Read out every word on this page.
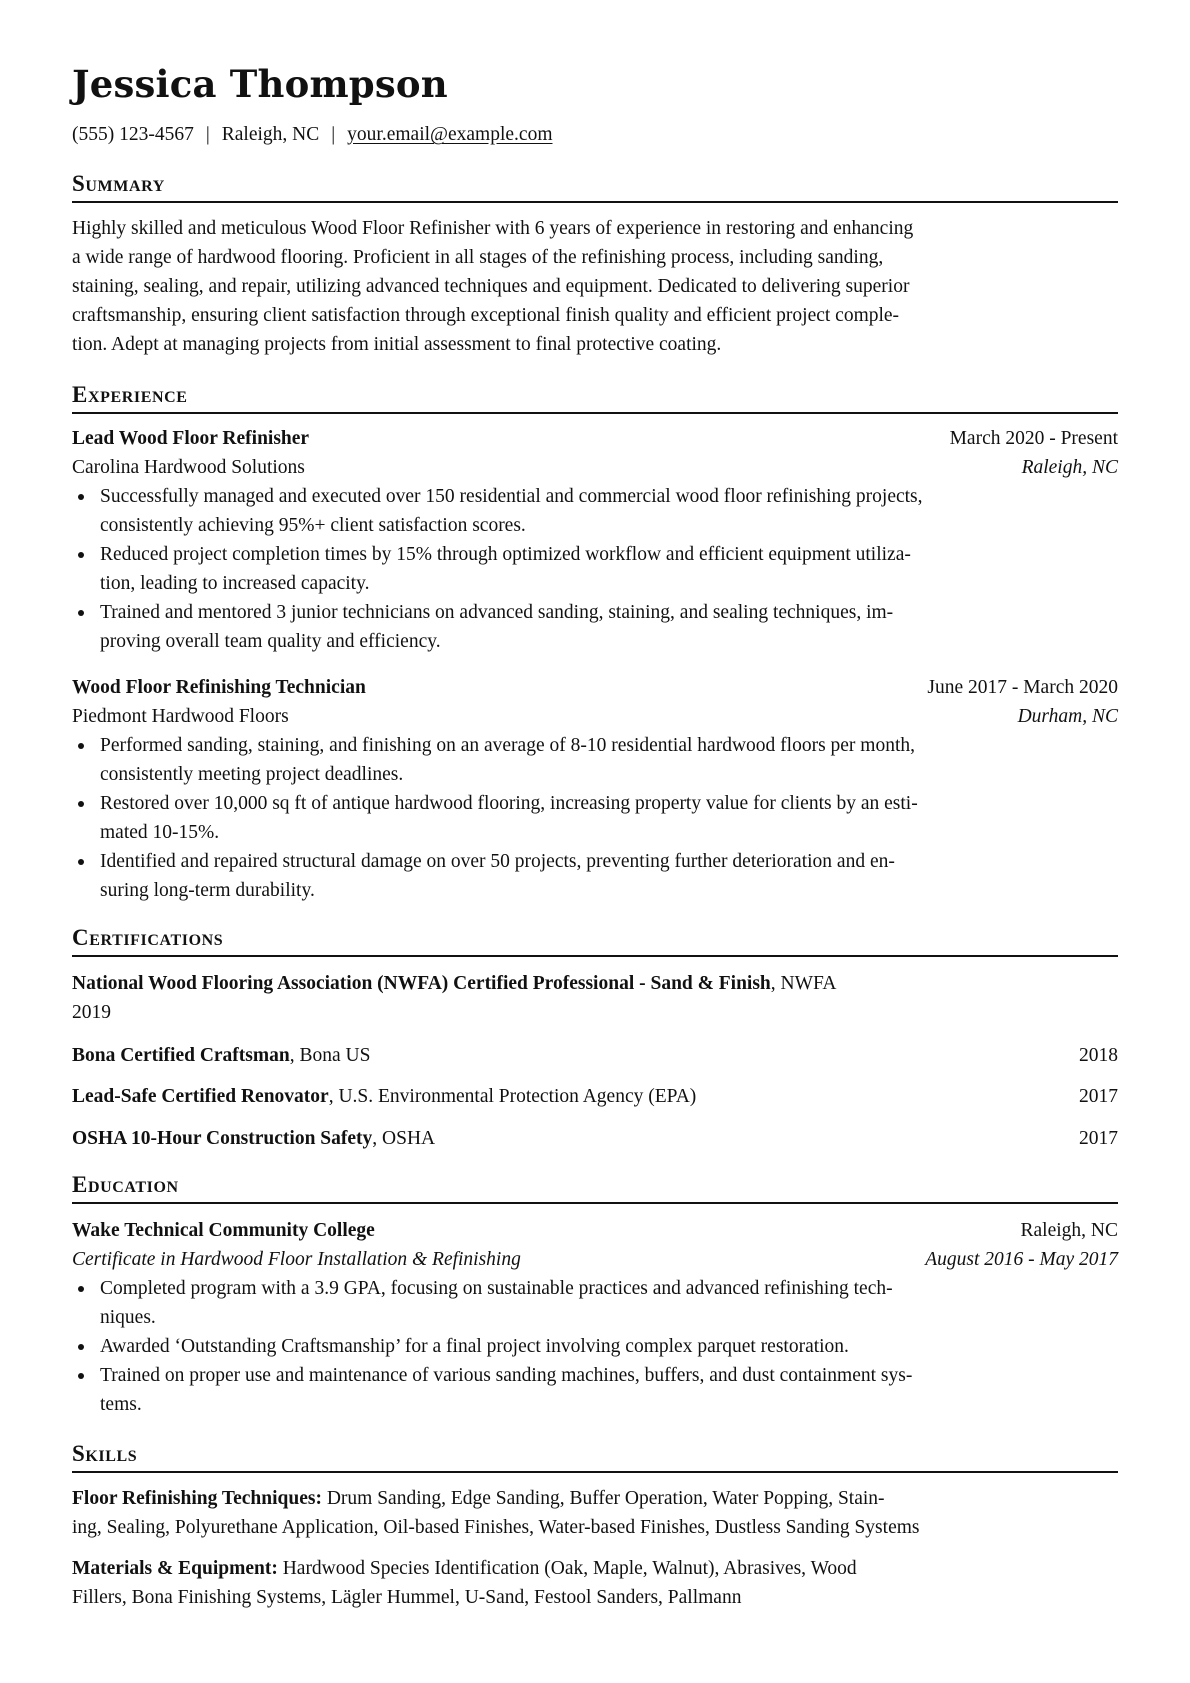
Jessica Thompson
(555) 123-4567 | Raleigh, NC | your.email@example.com
Summary
Highly skilled and meticulous Wood Floor Refinisher with 6 years of experience in restoring and enhancing
a wide range of hardwood flooring. Proficient in all stages of the refinishing process, including sanding,
staining, sealing, and repair, utilizing advanced techniques and equipment. Dedicated to delivering superior
craftsmanship, ensuring client satisfaction through exceptional finish quality and efficient project comple-
tion. Adept at managing projects from initial assessment to final protective coating.
Experience
Lead Wood Floor Refinisher	March 2020 - Present
Carolina Hardwood Solutions	Raleigh, NC
Successfully managed and executed over 150 residential and commercial wood floor refinishing projects,
consistently achieving 95%+ client satisfaction scores.
Reduced project completion times by 15% through optimized workflow and efficient equipment utiliza-
tion, leading to increased capacity.
Trained and mentored 3 junior technicians on advanced sanding, staining, and sealing techniques, im-
proving overall team quality and efficiency.
Wood Floor Refinishing Technician	June 2017 - March 2020
Piedmont Hardwood Floors	Durham, NC
Performed sanding, staining, and finishing on an average of 8-10 residential hardwood floors per month,
consistently meeting project deadlines.
Restored over 10,000 sq ft of antique hardwood flooring, increasing property value for clients by an esti-
mated 10-15%.
Identified and repaired structural damage on over 50 projects, preventing further deterioration and en-
suring long-term durability.
Certifications
National Wood Flooring Association (NWFA) Certified Professional - Sand & Finish, NWFA
2019
Bona Certified Craftsman, Bona US	2018
Lead-Safe Certified Renovator, U.S. Environmental Protection Agency (EPA)	2017
OSHA 10-Hour Construction Safety, OSHA	2017
Education
Wake Technical Community College	Raleigh, NC
Certificate in Hardwood Floor Installation & Refinishing	August 2016 - May 2017
Completed program with a 3.9 GPA, focusing on sustainable practices and advanced refinishing tech-
niques.
Awarded ‘Outstanding Craftsmanship’ for a final project involving complex parquet restoration.
Trained on proper use and maintenance of various sanding machines, buffers, and dust containment sys-
tems.
Skills
Floor Refinishing Techniques: Drum Sanding, Edge Sanding, Buffer Operation, Water Popping, Stain-
ing, Sealing, Polyurethane Application, Oil-based Finishes, Water-based Finishes, Dustless Sanding Systems
Materials & Equipment: Hardwood Species Identification (Oak, Maple, Walnut), Abrasives, Wood
Fillers, Bona Finishing Systems, Lägler Hummel, U-Sand, Festool Sanders, Pallmann
